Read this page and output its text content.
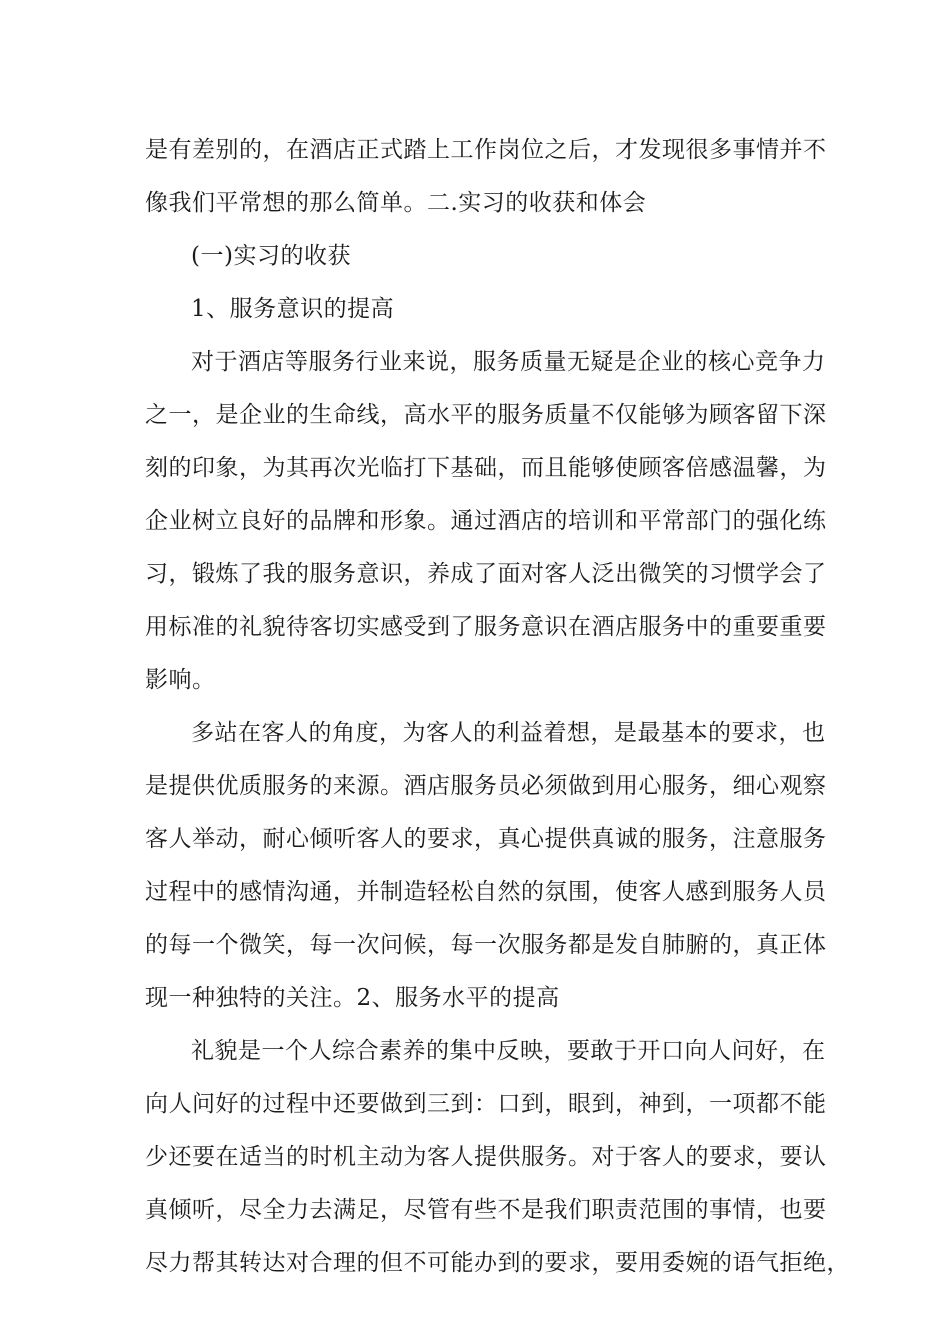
是有差别的，在酒店正式踏上工作岗位之后，才发现很多事情并不
像我们平常想的那么简单。二.实习的收获和体会
(一)实习的收获
1、服务意识的提高
对于酒店等服务行业来说，服务质量无疑是企业的核心竞争力
之一，是企业的生命线，高水平的服务质量不仅能够为顾客留下深
刻的印象，为其再次光临打下基础，而且能够使顾客倍感温馨，为
企业树立良好的品牌和形象。通过酒店的培训和平常部门的强化练
习，锻炼了我的服务意识，养成了面对客人泛出微笑的习惯学会了
用标准的礼貌待客切实感受到了服务意识在酒店服务中的重要重要
影响。
多站在客人的角度，为客人的利益着想，是最基本的要求，也
是提供优质服务的来源。酒店服务员必须做到用心服务，细心观察
客人举动，耐心倾听客人的要求，真心提供真诚的服务，注意服务
过程中的感情沟通，并制造轻松自然的氛围，使客人感到服务人员
的每一个微笑，每一次问候，每一次服务都是发自肺腑的，真正体
现一种独特的关注。2、服务水平的提高
礼貌是一个人综合素养的集中反映，要敢于开口向人问好，在
向人问好的过程中还要做到三到：口到，眼到，神到，一项都不能
少还要在适当的时机主动为客人提供服务。对于客人的要求，要认
真倾听，尽全力去满足，尽管有些不是我们职责范围的事情，也要
尽力帮其转达对合理的但不可能办到的要求，要用委婉的语气拒绝，
